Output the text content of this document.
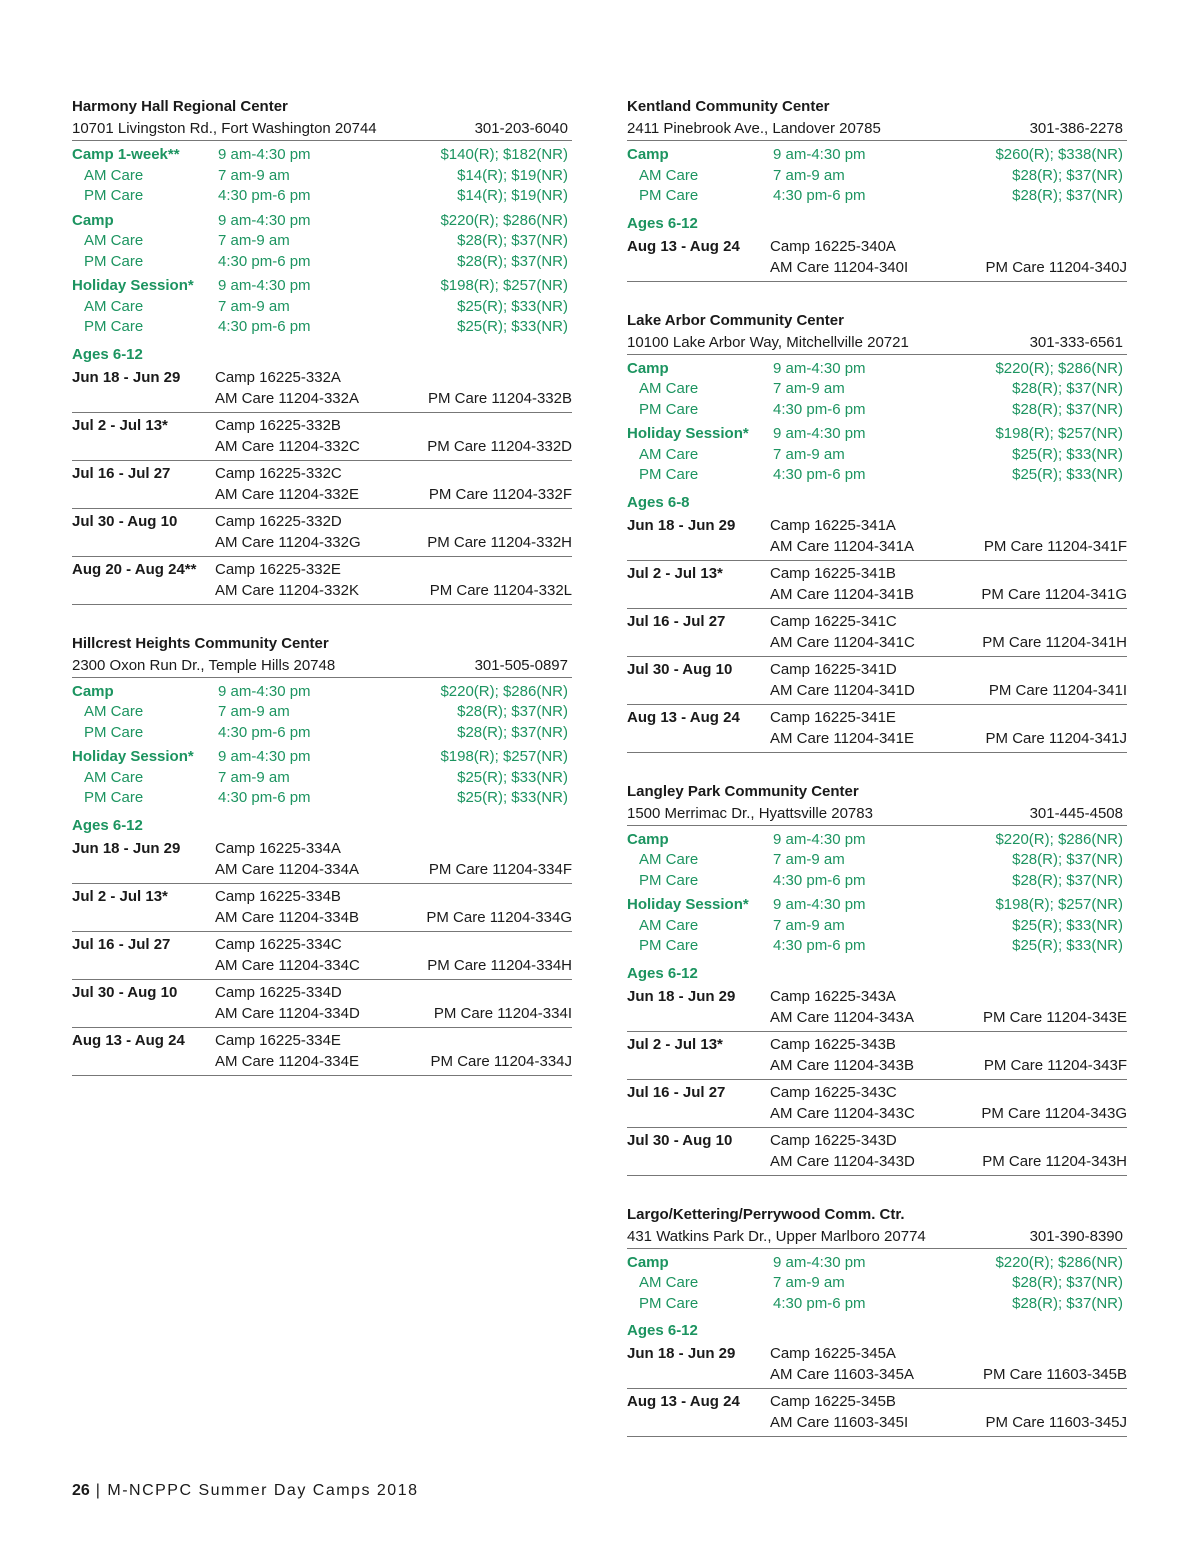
Harmony Hall Regional Center
10701 Livingston Rd., Fort Washington 20744	301-203-6040
Camp 1-week**	9 am-4:30 pm	$140(R); $182(NR)
AM Care	7 am-9 am	$14(R); $19(NR)
PM Care	4:30 pm-6 pm	$14(R); $19(NR)
Camp	9 am-4:30 pm	$220(R); $286(NR)
AM Care	7 am-9 am	$28(R); $37(NR)
PM Care	4:30 pm-6 pm	$28(R); $37(NR)
Holiday Session*	9 am-4:30 pm	$198(R); $257(NR)
AM Care	7 am-9 am	$25(R); $33(NR)
PM Care	4:30 pm-6 pm	$25(R); $33(NR)
Ages 6-12
Jun 18 - Jun 29	Camp 16225-332A
AM Care 11204-332A	PM Care 11204-332B
Jul 2 - Jul 13*	Camp 16225-332B
AM Care 11204-332C	PM Care 11204-332D
Jul 16 - Jul 27	Camp 16225-332C
AM Care 11204-332E	PM Care 11204-332F
Jul 30 - Aug 10	Camp 16225-332D
AM Care 11204-332G	PM Care 11204-332H
Aug 20 - Aug 24**	Camp 16225-332E
AM Care 11204-332K	PM Care 11204-332L
Hillcrest Heights Community Center
2300 Oxon Run Dr., Temple Hills 20748	301-505-0897
Camp	9 am-4:30 pm	$220(R); $286(NR)
AM Care	7 am-9 am	$28(R); $37(NR)
PM Care	4:30 pm-6 pm	$28(R); $37(NR)
Holiday Session*	9 am-4:30 pm	$198(R); $257(NR)
AM Care	7 am-9 am	$25(R); $33(NR)
PM Care	4:30 pm-6 pm	$25(R); $33(NR)
Ages 6-12
Jun 18 - Jun 29	Camp 16225-334A
AM Care 11204-334A	PM Care 11204-334F
Jul 2 - Jul 13*	Camp 16225-334B
AM Care 11204-334B	PM Care 11204-334G
Jul 16 - Jul 27	Camp 16225-334C
AM Care 11204-334C	PM Care 11204-334H
Jul 30 - Aug 10	Camp 16225-334D
AM Care 11204-334D	PM Care 11204-334I
Aug 13 - Aug 24	Camp 16225-334E
AM Care 11204-334E	PM Care 11204-334J
Kentland Community Center
2411 Pinebrook Ave., Landover 20785	301-386-2278
Camp	9 am-4:30 pm	$260(R); $338(NR)
AM Care	7 am-9 am	$28(R); $37(NR)
PM Care	4:30 pm-6 pm	$28(R); $37(NR)
Ages 6-12
Aug 13 - Aug 24	Camp 16225-340A
AM Care 11204-340I	PM Care 11204-340J
Lake Arbor Community Center
10100 Lake Arbor Way, Mitchellville 20721	301-333-6561
Camp	9 am-4:30 pm	$220(R); $286(NR)
AM Care	7 am-9 am	$28(R); $37(NR)
PM Care	4:30 pm-6 pm	$28(R); $37(NR)
Holiday Session*	9 am-4:30 pm	$198(R); $257(NR)
AM Care	7 am-9 am	$25(R); $33(NR)
PM Care	4:30 pm-6 pm	$25(R); $33(NR)
Ages 6-8
Jun 18 - Jun 29	Camp 16225-341A
AM Care 11204-341A	PM Care 11204-341F
Jul 2 - Jul 13*	Camp 16225-341B
AM Care 11204-341B	PM Care 11204-341G
Jul 16 - Jul 27	Camp 16225-341C
AM Care 11204-341C	PM Care 11204-341H
Jul 30 - Aug 10	Camp 16225-341D
AM Care 11204-341D	PM Care 11204-341I
Aug 13 - Aug 24	Camp 16225-341E
AM Care 11204-341E	PM Care 11204-341J
Langley Park Community Center
1500 Merrimac Dr., Hyattsville 20783	301-445-4508
Camp	9 am-4:30 pm	$220(R); $286(NR)
AM Care	7 am-9 am	$28(R); $37(NR)
PM Care	4:30 pm-6 pm	$28(R); $37(NR)
Holiday Session*	9 am-4:30 pm	$198(R); $257(NR)
AM Care	7 am-9 am	$25(R); $33(NR)
PM Care	4:30 pm-6 pm	$25(R); $33(NR)
Ages 6-12
Jun 18 - Jun 29	Camp 16225-343A
AM Care 11204-343A	PM Care 11204-343E
Jul 2 - Jul 13*	Camp 16225-343B
AM Care 11204-343B	PM Care 11204-343F
Jul 16 - Jul 27	Camp 16225-343C
AM Care 11204-343C	PM Care 11204-343G
Jul 30 - Aug 10	Camp 16225-343D
AM Care 11204-343D	PM Care 11204-343H
Largo/Kettering/Perrywood Comm. Ctr.
431 Watkins Park Dr., Upper Marlboro 20774	301-390-8390
Camp	9 am-4:30 pm	$220(R); $286(NR)
AM Care	7 am-9 am	$28(R); $37(NR)
PM Care	4:30 pm-6 pm	$28(R); $37(NR)
Ages 6-12
Jun 18 - Jun 29	Camp 16225-345A
AM Care 11603-345A	PM Care 11603-345B
Aug 13 - Aug 24	Camp 16225-345B
AM Care 11603-345I	PM Care 11603-345J
26 | M-NCPPC Summer Day Camps 2018
